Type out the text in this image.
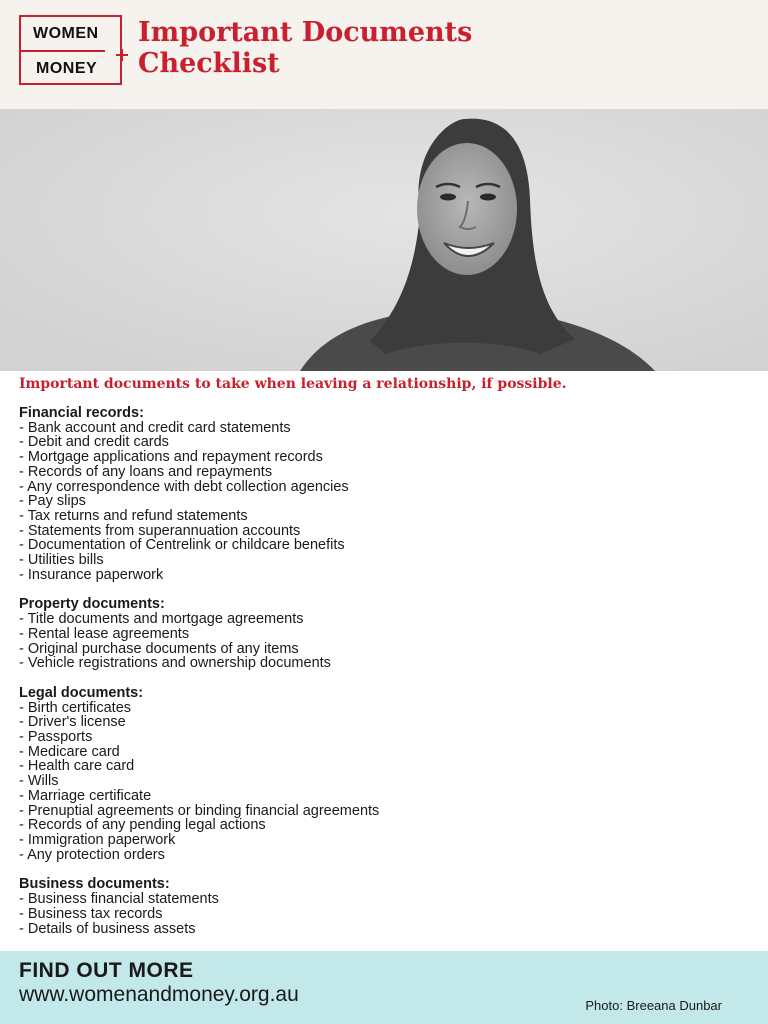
WOMEN
MONEY
Important Documents
Checklist

Important documents to take when leaving a relationship, if possible.

Financial records:
- Bank account and credit card statements
- Debit and credit cards
- Mortgage applications and repayment records
- Records of any loans and repayments
- Any correspondence with debt collection agencies
- Pay slips
- Tax returns and refund statements
- Statements from superannuation accounts
- Documentation of Centrelink or childcare benefits
- Utilities bills
- Insurance paperwork
Property documents:
- Title documents and mortgage agreements
- Rental lease agreements
- Original purchase documents of any items
- Vehicle registrations and ownership documents
Legal documents:
- Birth certificates
- Driver's license
- Passports
- Medicare card
- Health care card
- Wills
- Marriage certificate
- Prenuptial agreements or binding financial agreements
- Records of any pending legal actions
- Immigration paperwork
- Any protection orders
Business documents:
- Business financial statements
- Business tax records
- Details of business assets
FIND OUT MORE
www.womenandmoney.org.au	Photo: Breeana Dunbar
